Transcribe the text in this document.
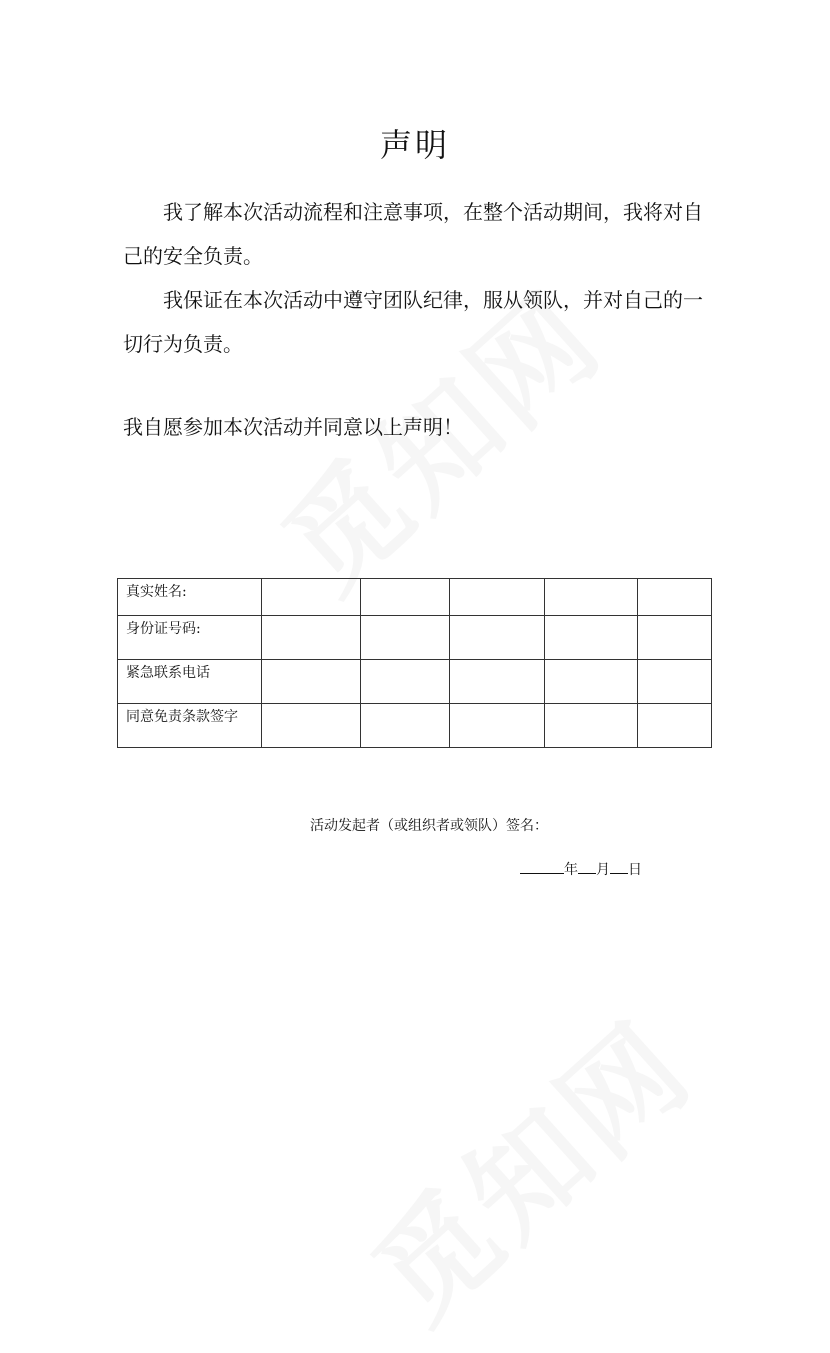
声明

我了解本次活动流程和注意事项，在整个活动期间，我将对自己的安全负责。

我保证在本次活动中遵守团队纪律，服从领队，并对自己的一切行为负责。

我自愿参加本次活动并同意以上声明！

真实姓名:					
身份证号码:					
紧急联系电话					
同意免责条款签字					
活动发起者（或组织者或领队）签名：
年 月 日
